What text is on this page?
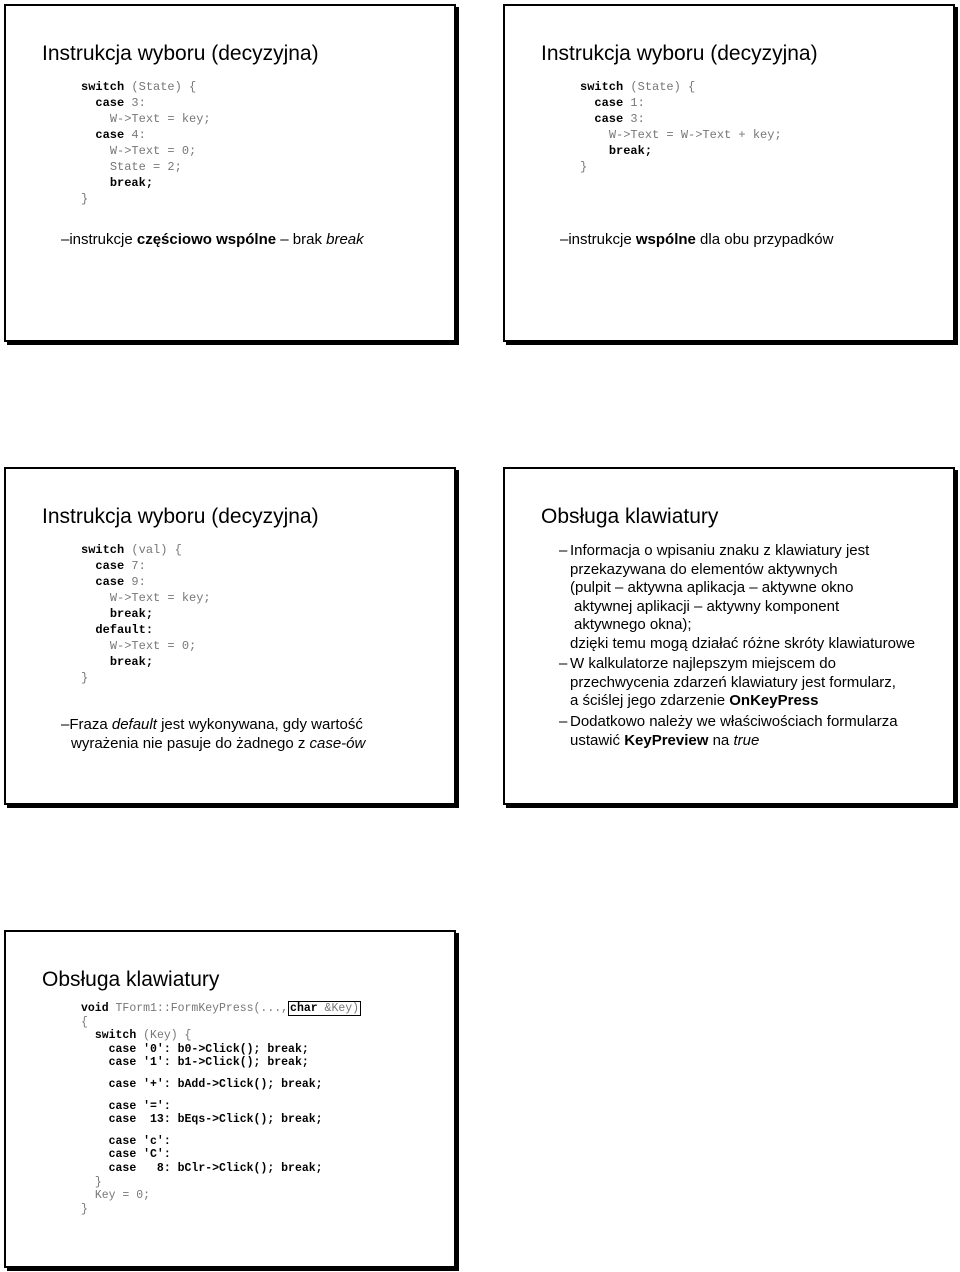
Instrukcja wyboru (decyzyjna)
switch (State) {
case 3:
W->Text = key;
case 4:
W->Text = 0;
State = 2;
break;
}
–instrukcje częściowo wspólne – brak break
Instrukcja wyboru (decyzyjna)
switch (State) {
case 1:
case 3:
W->Text = W->Text + key;
break;
}
–instrukcje wspólne dla obu przypadków
Instrukcja wyboru (decyzyjna)
switch (val) {
case 7:
case 9:
W->Text = key;
break;
default:
W->Text = 0;
break;
}
–Fraza default jest wykonywana, gdy wartość
wyrażenia nie pasuje do żadnego z case-ów
Obsługa klawiatury
– Informacja o wpisaniu znaku z klawiatury jest
przekazywana do elementów aktywnych
(pulpit – aktywna aplikacja – aktywne okno
aktywnej aplikacji – aktywny komponent
aktywnego okna);
dzięki temu mogą działać różne skróty klawiaturowe
– W kalkulatorze najlepszym miejscem do
przechwycenia zdarzeń klawiatury jest formularz,
a ściślej jego zdarzenie OnKeyPress
– Dodatkowo należy we właściwościach formularza
ustawić KeyPreview na true
Obsługa klawiatury
void TForm1::FormKeyPress(..., char &Key)
{
switch (Key) {
case '0': b0->Click(); break;
case '1': b1->Click(); break;

case '+': bAdd->Click(); break;

case '=':
case  13: bEqs->Click(); break;

case 'c':
case 'C':
case   8: bClr->Click(); break;
}
Key = 0;
}
